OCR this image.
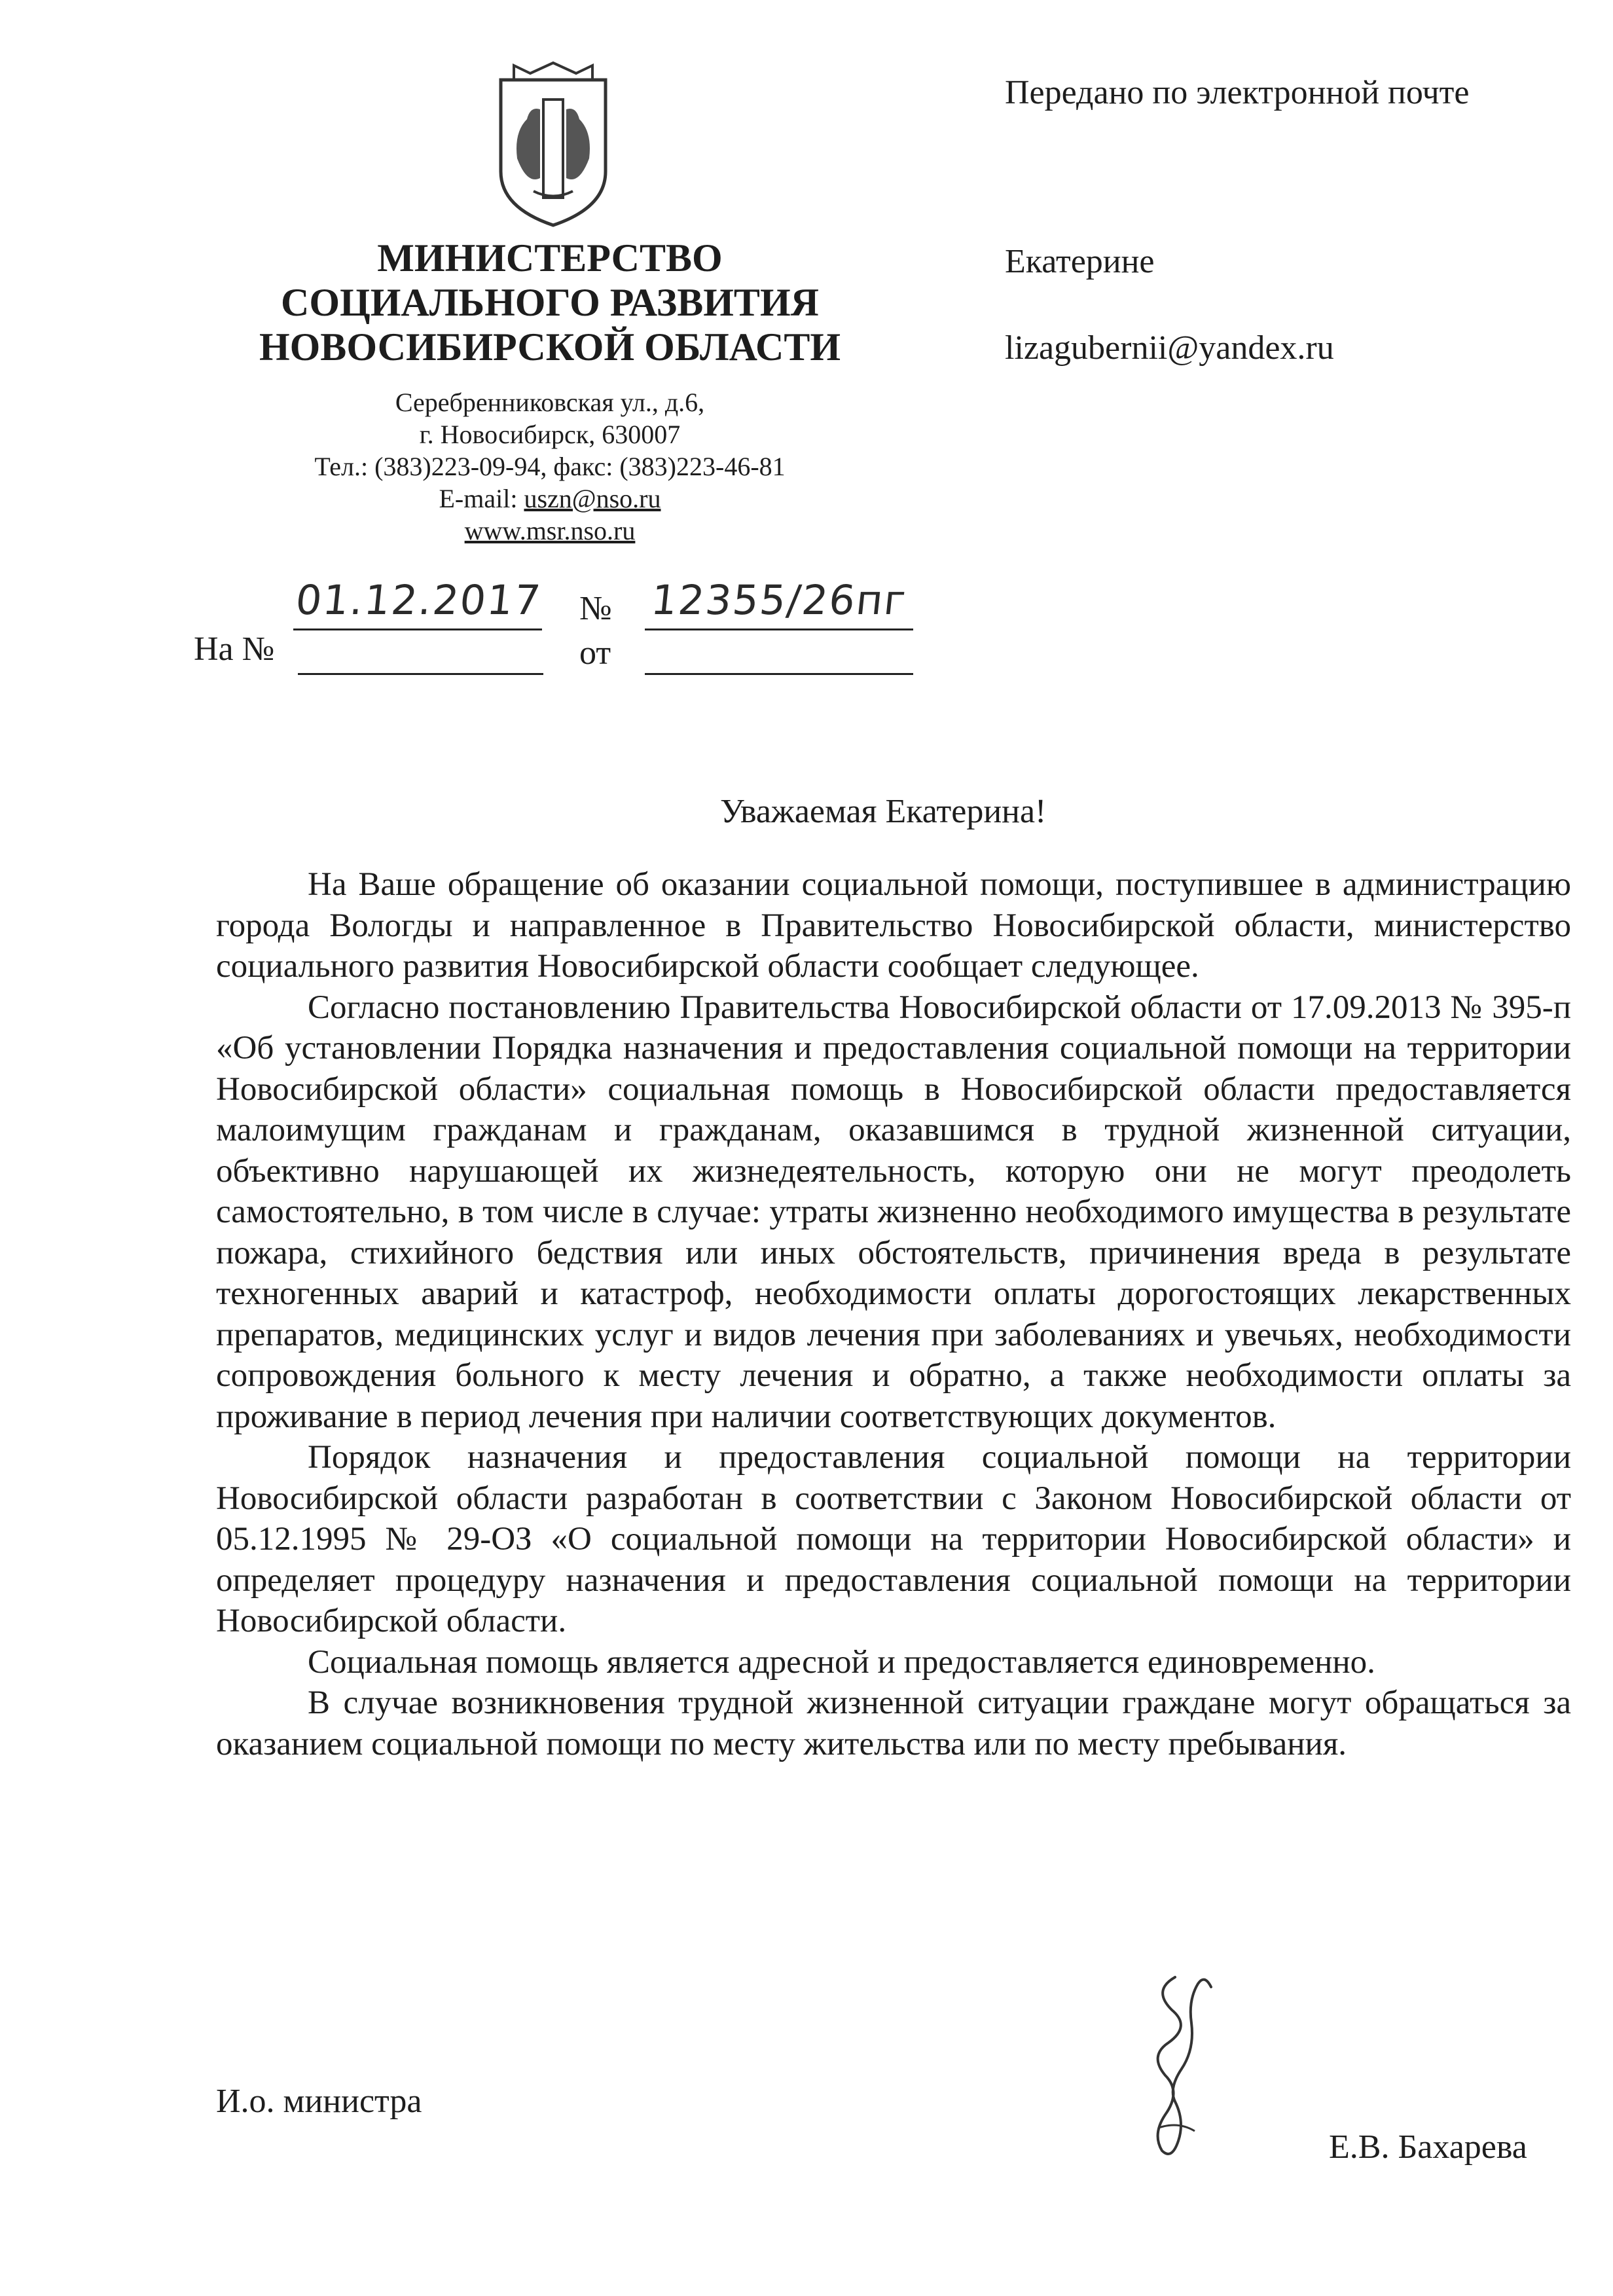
Передано по электронной почте
МИНИСТЕРСТВО
СОЦИАЛЬНОГО РАЗВИТИЯ
НОВОСИБИРСКОЙ ОБЛАСТИ
Серебренниковская ул., д.6,
г. Новосибирск, 630007
Тел.: (383)223-09-94, факс: (383)223-46-81
E-mail: uszn@nso.ru
www.msr.nso.ru
01.12.2017 № 12355/26пг
На №	от
Екатерине
lizagubernii@yandex.ru
Уважаемая Екатерина!

На Ваше обращение об оказании социальной помощи, поступившее в администрацию города Вологды и направленное в Правительство Новосибирской области, министерство социального развития Новосибирской области сообщает следующее.

Согласно постановлению Правительства Новосибирской области от 17.09.2013 № 395-п «Об установлении Порядка назначения и предоставления социальной помощи на территории Новосибирской области» социальная помощь в Новосибирской области предоставляется малоимущим гражданам и гражданам, оказавшимся в трудной жизненной ситуации, объективно нарушающей их жизнедеятельность, которую они не могут преодолеть самостоятельно, в том числе в случае: утраты жизненно необходимого имущества в результате пожара, стихийного бедствия или иных обстоятельств, причинения вреда в результате техногенных аварий и катастроф, необходимости оплаты дорогостоящих лекарственных препаратов, медицинских услуг и видов лечения при заболеваниях и увечьях, необходимости сопровождения больного к месту лечения и обратно, а также необходимости оплаты за проживание в период лечения при наличии соответствующих документов.

Порядок назначения и предоставления социальной помощи на территории Новосибирской области разработан в соответствии с Законом Новосибирской области от 05.12.1995 № 29-ОЗ «О социальной помощи на территории Новосибирской области» и определяет процедуру назначения и предоставления социальной помощи на территории Новосибирской области.

Социальная помощь является адресной и предоставляется единовременно.

В случае возникновения трудной жизненной ситуации граждане могут обращаться за оказанием социальной помощи по месту жительства или по месту пребывания.

И.о. министра
Е.В. Бахарева
